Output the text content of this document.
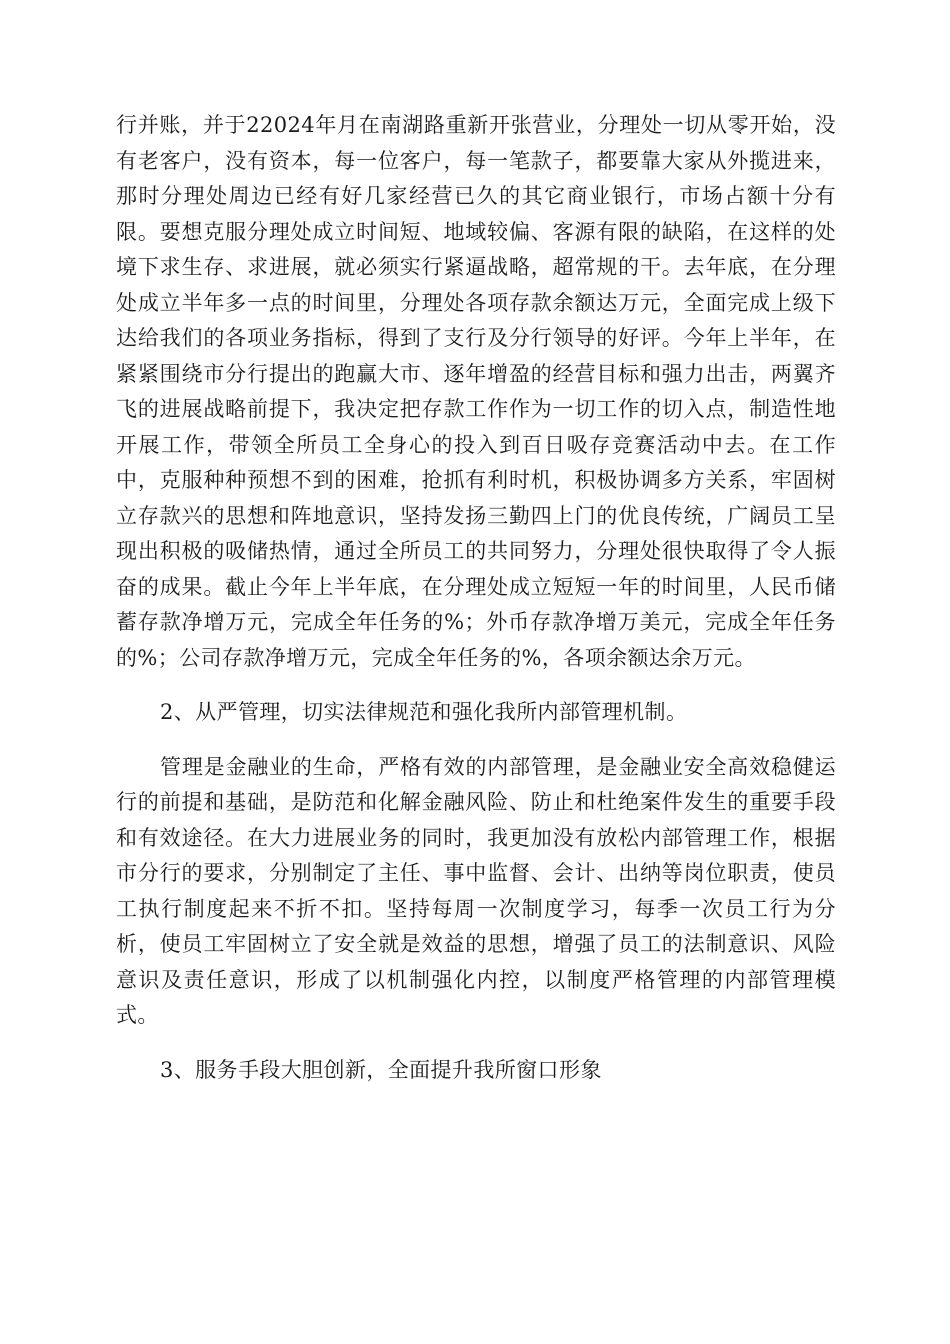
行并账，并于22024年月在南湖路重新开张营业，分理处一切从零开始，没有老客户，没有资本，每一位客户，每一笔款子，都要靠大家从外揽进来，那时分理处周边已经有好几家经营已久的其它商业银行，市场占额十分有限。要想克服分理处成立时间短、地域较偏、客源有限的缺陷，在这样的处境下求生存、求进展，就必须实行紧逼战略，超常规的干。去年底，在分理处成立半年多一点的时间里，分理处各项存款余额达万元，全面完成上级下达给我们的各项业务指标，得到了支行及分行领导的好评。今年上半年，在紧紧围绕市分行提出的跑赢大市、逐年增盈的经营目标和强力出击，两翼齐飞的进展战略前提下，我决定把存款工作作为一切工作的切入点，制造性地开展工作，带领全所员工全身心的投入到百日吸存竞赛活动中去。在工作中，克服种种预想不到的困难，抢抓有利时机，积极协调多方关系，牢固树立存款兴的思想和阵地意识，坚持发扬三勤四上门的优良传统，广阔员工呈现出积极的吸储热情，通过全所员工的共同努力，分理处很快取得了令人振奋的成果。截止今年上半年底，在分理处成立短短一年的时间里，人民币储蓄存款净增万元，完成全年任务的%；外币存款净增万美元，完成全年任务的%；公司存款净增万元，完成全年任务的%，各项余额达余万元。

2、从严管理，切实法律规范和强化我所内部管理机制。

管理是金融业的生命，严格有效的内部管理，是金融业安全高效稳健运行的前提和基础，是防范和化解金融风险、防止和杜绝案件发生的重要手段和有效途径。在大力进展业务的同时，我更加没有放松内部管理工作，根据市分行的要求，分别制定了主任、事中监督、会计、出纳等岗位职责，使员工执行制度起来不折不扣。坚持每周一次制度学习，每季一次员工行为分析，使员工牢固树立了安全就是效益的思想，增强了员工的法制意识、风险意识及责任意识，形成了以机制强化内控，以制度严格管理的内部管理模式。

3、服务手段大胆创新，全面提升我所窗口形象
